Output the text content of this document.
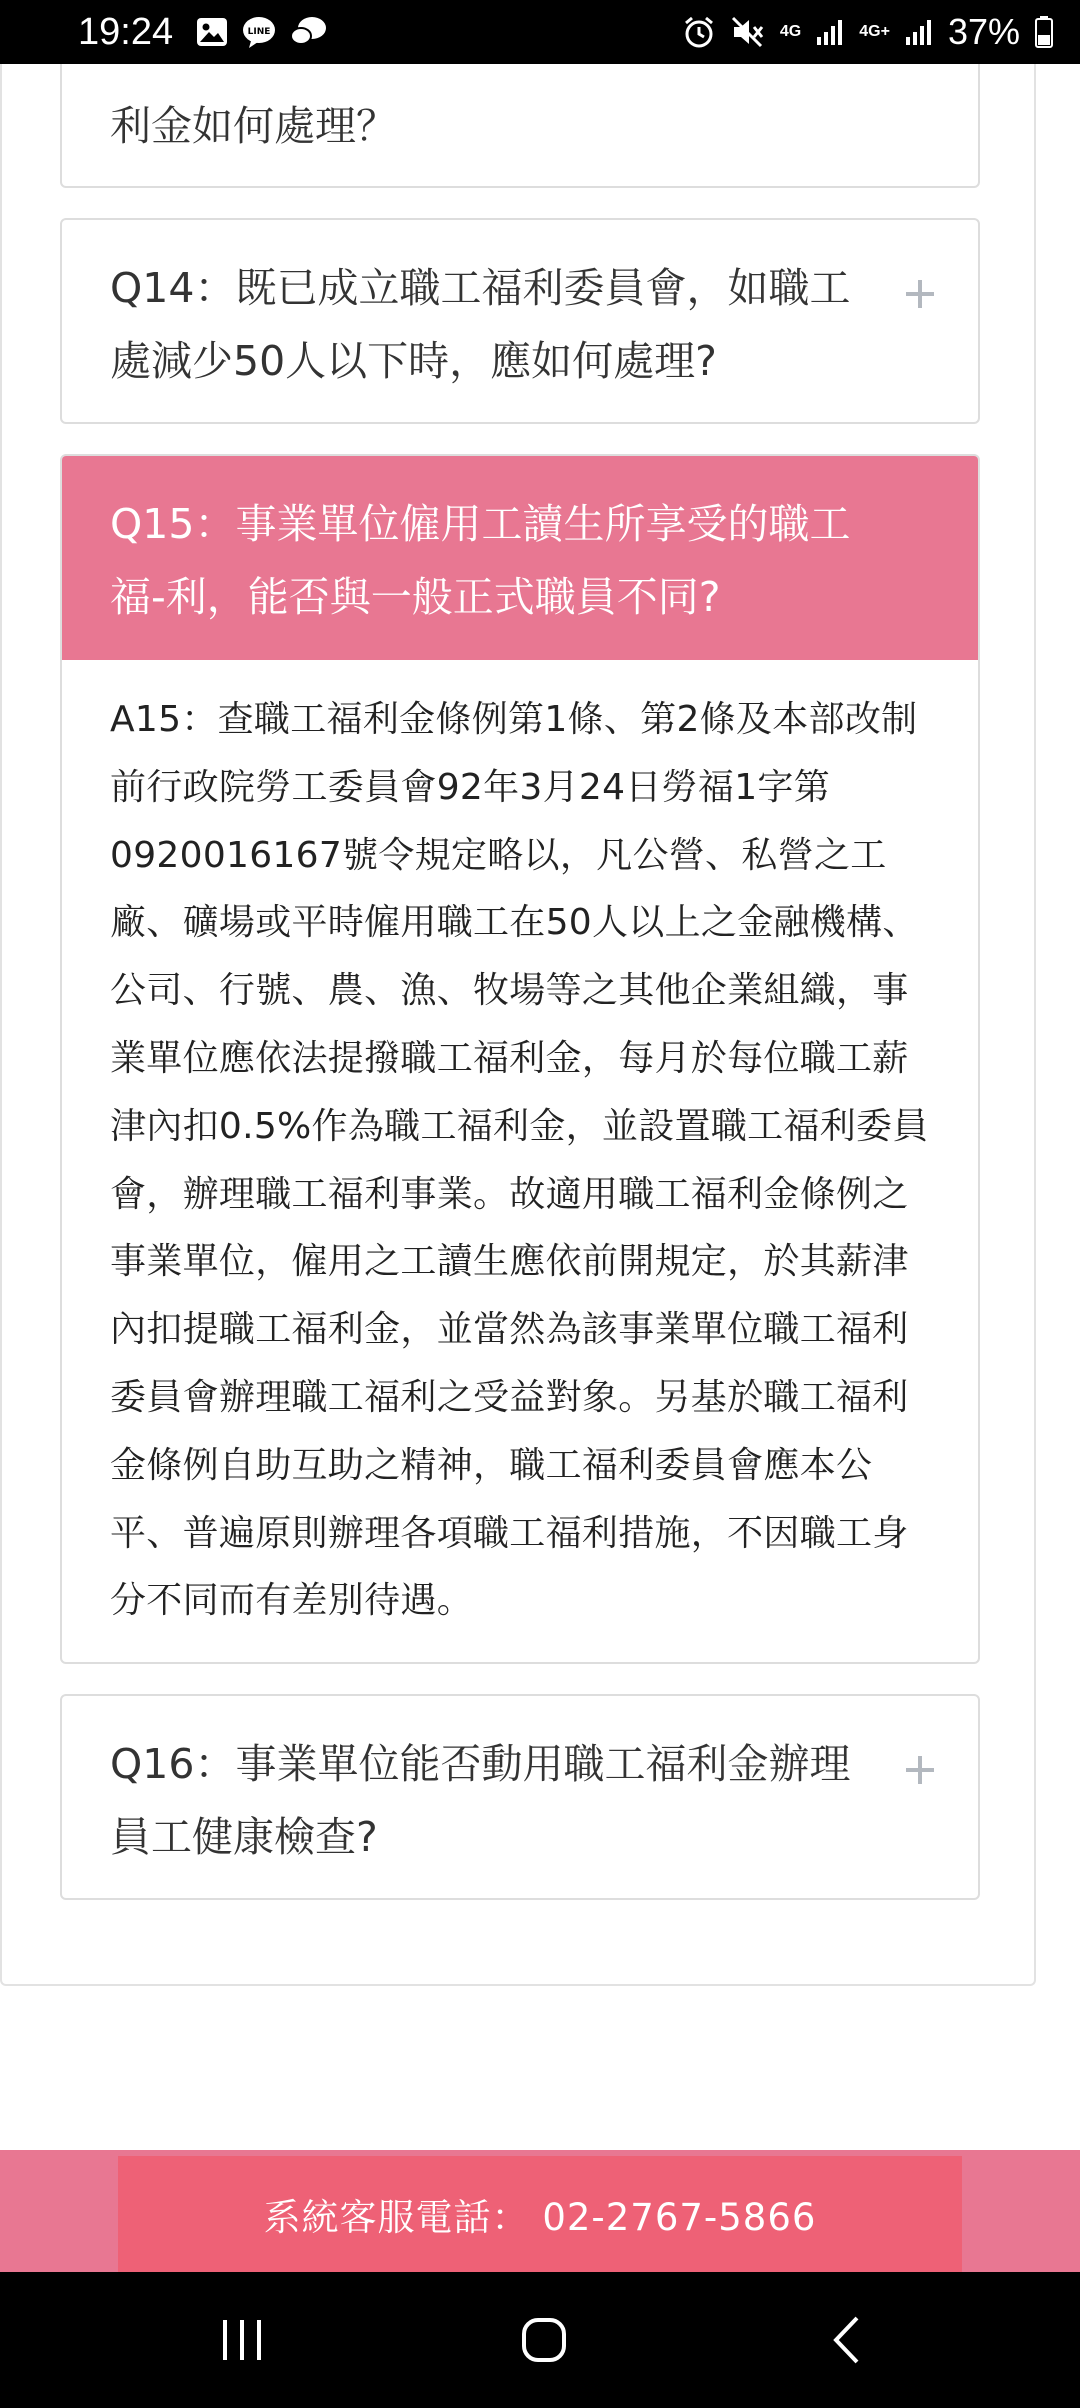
利金如何處理？
Q14：既已成立職工福利委員會，如職工處減少50人以下時，應如何處理?
Q15：事業單位僱用工讀生所享受的職工福-利，能否與一般正式職員不同?
A15：查職工福利金條例第1條、第2條及本部改制前行政院勞工委員會92年3月24日勞福1字第0920016167號令規定略以，凡公營、私營之工廠、礦場或平時僱用職工在50人以上之金融機構、公司、行號、農、漁、牧場等之其他企業組織，事業單位應依法提撥職工福利金，每月於每位職工薪津內扣0.5%作為職工福利金，並設置職工福利委員會，辦理職工福利事業。故適用職工福利金條例之事業單位，僱用之工讀生應依前開規定，於其薪津內扣提職工福利金，並當然為該事業單位職工福利委員會辦理職工福利之受益對象。另基於職工福利金條例自助互助之精神，職工福利委員會應本公平、普遍原則辦理各項職工福利措施，不因職工身分不同而有差別待遇。
Q16：事業單位能否動用職工福利金辦理員工健康檢查?
19:24	LINE	4G	4G+ 37%
系統客服電話： 02-2767-5866
